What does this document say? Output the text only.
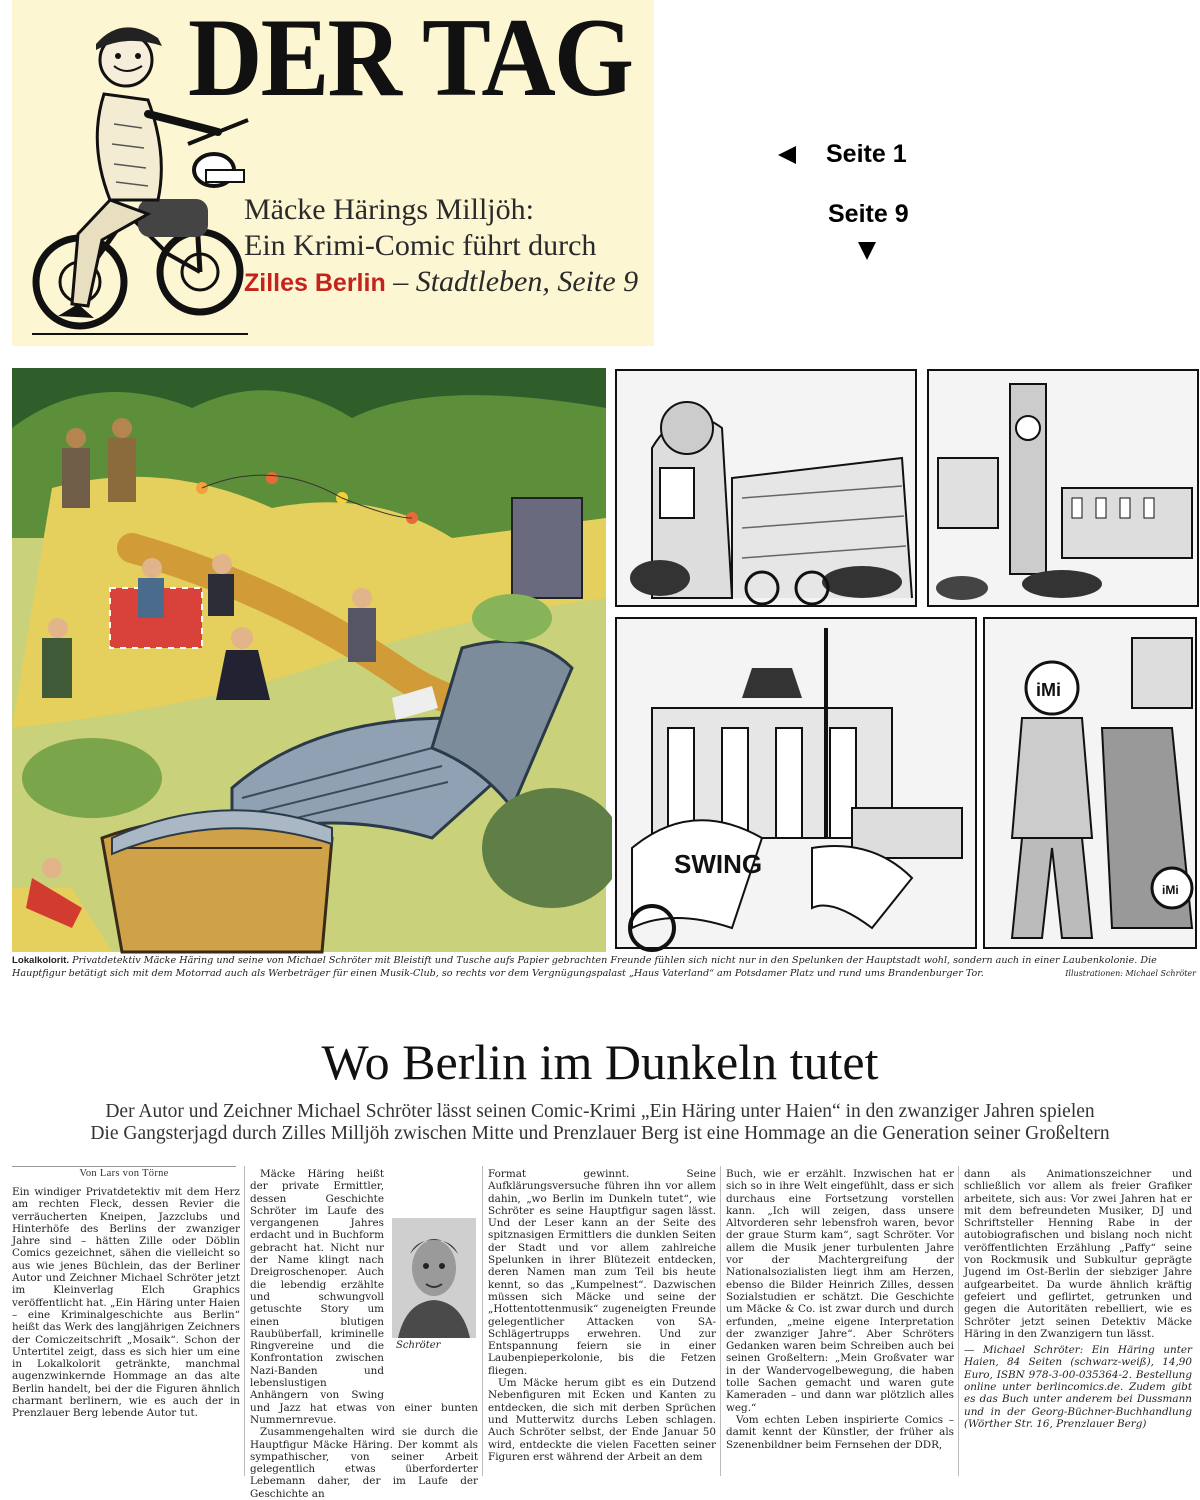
DER TAG
Mäcke Härings Milljöh:
Ein Krimi-Comic führt durch
Zilles Berlin – Stadtleben, Seite 9
Seite 1
Seite 9
SWING
iMi
iMi
Lokalkolorit. Privatdetektiv Mäcke Häring und seine von Michael Schröter mit Bleistift und Tusche aufs Papier gebrachten Freunde fühlen sich nicht nur in den Spelunken der Hauptstadt wohl, sondern auch in einer Laubenkolonie. Die Hauptfigur betätigt sich mit dem Motorrad auch als Werbeträger für einen Musik-Club, so rechts vor dem Vergnügungspalast „Haus Vaterland“ am Potsdamer Platz und rund ums Brandenburger Tor.	Illustrationen: Michael Schröter
Wo Berlin im Dunkeln tutet
Der Autor und Zeichner Michael Schröter lässt seinen Comic-Krimi „Ein Häring unter Haien“ in den zwanziger Jahren spielen
Die Gangsterjagd durch Zilles Milljöh zwischen Mitte und Prenzlauer Berg ist eine Hommage an die Generation seiner Großeltern
Von Lars von Törne

Ein windiger Privatdetektiv mit dem Herz am rechten Fleck, dessen Revier die verräucherten Kneipen, Jazzclubs und Hinterhöfe des Berlins der zwanziger Jahre sind – hätten Zille oder Döblin Comics gezeichnet, sähen die vielleicht so aus wie jenes Büchlein, das der Berliner Autor und Zeichner Michael Schröter jetzt im Kleinverlag Elch Graphics veröffentlicht hat. „Ein Häring unter Haien – eine Kriminalgeschichte aus Berlin“ heißt das Werk des langjährigen Zeichners der Comiczeitschrift „Mosaik“. Schon der Untertitel zeigt, dass es sich hier um eine in Lokalkolorit getränkte, manchmal augenzwinkernde Hommage an das alte Berlin handelt, bei der die Figuren ähnlich charmant berlinern, wie es auch der in Prenzlauer Berg lebende Autor tut.

Mäcke Häring heißt der private Ermittler, dessen Geschichte Schröter im Laufe des vergangenen Jahres erdacht und in Buchform gebracht hat. Nicht nur der Name klingt nach Dreigroschenoper. Auch die lebendig erzählte und schwungvoll getuschte Story um einen blutigen Raubüberfall, kriminelle Ringvereine und die Konfrontation zwischen Nazi-Banden und lebenslustigen Anhängern von Swing und Jazz hat etwas von einer bunten Nummernrevue.

Zusammengehalten wird sie durch die Hauptfigur Mäcke Häring. Der kommt als sympathischer, von seiner Arbeit gelegentlich etwas überforderter Lebemann daher, der im Laufe der Geschichte an

Schröter

Format gewinnt. Seine Aufklärungsversuche führen ihn vor allem dahin, „wo Berlin im Dunkeln tutet“, wie Schröter es seine Hauptfigur sagen lässt. Und der Leser kann an der Seite des spitznasigen Ermittlers die dunklen Seiten der Stadt und vor allem zahlreiche Spelunken in ihrer Blütezeit entdecken, deren Namen man zum Teil bis heute kennt, so das „Kumpelnest“. Dazwischen müssen sich Mäcke und seine der „Hottentottenmusik“ zugeneigten Freunde gelegentlicher Attacken von SA-Schlägertrupps erwehren. Und zur Entspannung feiern sie in einer Laubenpieperkolonie, bis die Fetzen fliegen.

Um Mäcke herum gibt es ein Dutzend Nebenfiguren mit Ecken und Kanten zu entdecken, die sich mit derben Sprüchen und Mutterwitz durchs Leben schlagen. Auch Schröter selbst, der Ende Januar 50 wird, entdeckte die vielen Facetten seiner Figuren erst während der Arbeit an dem

Buch, wie er erzählt. Inzwischen hat er sich so in ihre Welt eingefühlt, dass er sich durchaus eine Fortsetzung vorstellen kann. „Ich will zeigen, dass unsere Altvorderen sehr lebensfroh waren, bevor der graue Sturm kam“, sagt Schröter. Vor allem die Musik jener turbulenten Jahre vor der Machtergreifung der Nationalsozialisten liegt ihm am Herzen, ebenso die Bilder Heinrich Zilles, dessen Sozialstudien er schätzt. Die Geschichte um Mäcke & Co. ist zwar durch und durch erfunden, „meine eigene Interpretation der zwanziger Jahre“. Aber Schröters Gedanken waren beim Schreiben auch bei seinen Großeltern: „Mein Großvater war in der Wandervogelbewegung, die haben tolle Sachen gemacht und waren gute Kameraden – und dann war plötzlich alles weg.“

Vom echten Leben inspirierte Comics – damit kennt der Künstler, der früher als Szenenbildner beim Fernsehen der DDR,

dann als Animationszeichner und schließlich vor allem als freier Grafiker arbeitete, sich aus: Vor zwei Jahren hat er mit dem befreundeten Musiker, DJ und Schriftsteller Henning Rabe in der autobiografischen und bislang noch nicht veröffentlichten Erzählung „Paffy“ seine von Rockmusik und Subkultur geprägte Jugend im Ost-Berlin der siebziger Jahre aufgearbeitet. Da wurde ähnlich kräftig gefeiert und geflirtet, getrunken und gegen die Autoritäten rebelliert, wie es Schröter jetzt seinen Detektiv Mäcke Häring in den Zwanzigern tun lässt.

— Michael Schröter: Ein Häring unter Haien, 84 Seiten (schwarz-weiß), 14,90 Euro, ISBN 978-3-00-035364-2. Bestellung online unter berlincomics.de. Zudem gibt es das Buch unter anderem bei Dussmann und in der Georg-Büchner-Buchhandlung (Wörther Str. 16, Prenzlauer Berg)
